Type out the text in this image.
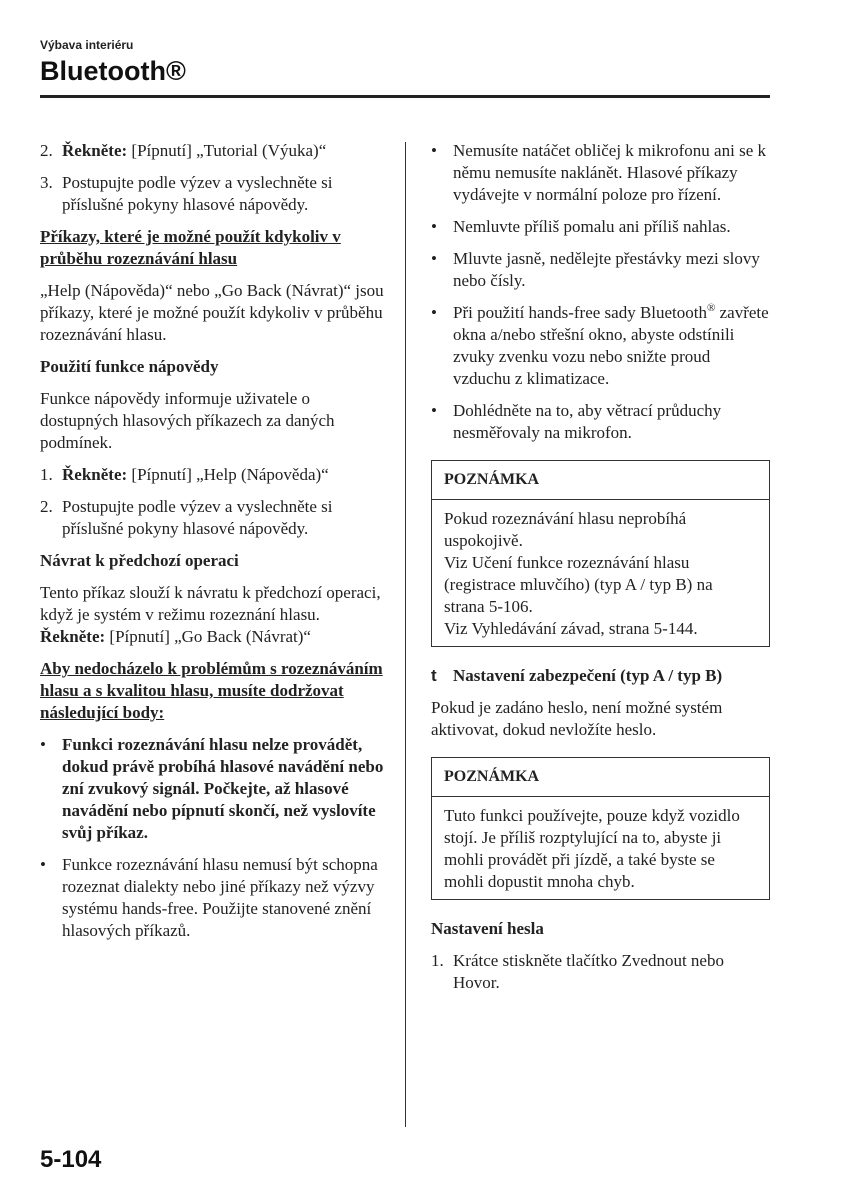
Výbava interiéru
Bluetooth®
2. Řekněte: [Pípnutí] „Tutorial (Výuka)“
3. Postupujte podle výzev a vyslechněte si příslušné pokyny hlasové nápovědy.
Příkazy, které je možné použít kdykoliv v průběhu rozeznávání hlasu

„Help (Nápověda)“ nebo „Go Back (Návrat)“ jsou příkazy, které je možné použít kdykoliv v průběhu rozeznávání hlasu.

Použití funkce nápovědy

Funkce nápovědy informuje uživatele o dostupných hlasových příkazech za daných podmínek.

1. Řekněte: [Pípnutí] „Help (Nápověda)“
2. Postupujte podle výzev a vyslechněte si příslušné pokyny hlasové nápovědy.
Návrat k předchozí operaci

Tento příkaz slouží k návratu k předchozí operaci, když je systém v režimu rozeznání hlasu.

Řekněte: [Pípnutí] „Go Back (Návrat)“

Aby nedocházelo k problémům s rozeznáváním hlasu a s kvalitou hlasu, musíte dodržovat následující body:
• Funkci rozeznávání hlasu nelze provádět, dokud právě probíhá hlasové navádění nebo zní zvukový signál. Počkejte, až hlasové navádění nebo pípnutí skončí, než vyslovíte svůj příkaz.
• Funkce rozeznávání hlasu nemusí být schopna rozeznat dialekty nebo jiné příkazy než výzvy systému hands-free. Použijte stanovené znění hlasových příkazů.
• Nemusíte natáčet obličej k mikrofonu ani se k němu nemusíte naklánět. Hlasové příkazy vydávejte v normální poloze pro řízení.
• Nemluvte příliš pomalu ani příliš nahlas.
• Mluvte jasně, nedělejte přestávky mezi slovy nebo čísly.
• Při použití hands-free sady Bluetooth® zavřete okna a/nebo střešní okno, abyste odstínili zvuky zvenku vozu nebo snižte proud vzduchu z klimatizace.
• Dohlédněte na to, aby větrací průduchy nesměřovaly na mikrofon.
POZNÁMKA
Pokud rozeznávání hlasu neprobíhá uspokojivě.
Viz Učení funkce rozeznávání hlasu (registrace mluvčího) (typ A / typ B) na strana 5-106.
Viz Vyhledávání závad, strana 5-144.
t Nastavení zabezpečení (typ A / typ B)

Pokud je zadáno heslo, není možné systém aktivovat, dokud nevložíte heslo.

POZNÁMKA
Tuto funkci používejte, pouze když vozidlo stojí. Je příliš rozptylující na to, abyste ji mohli provádět při jízdě, a také byste se mohli dopustit mnoha chyb.
Nastavení hesla
1. Krátce stiskněte tlačítko Zvednout nebo Hovor.
5-104
